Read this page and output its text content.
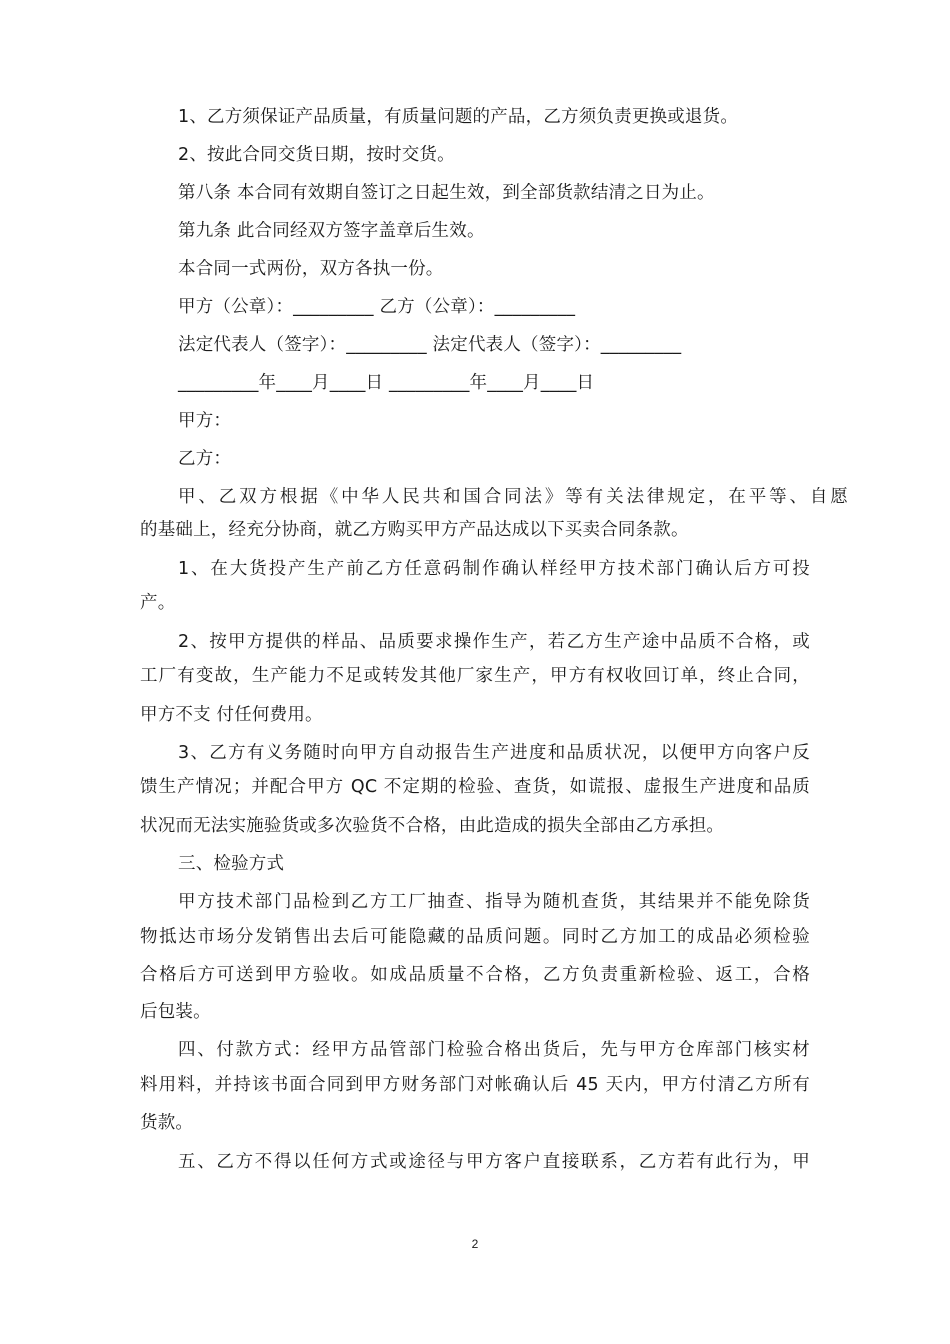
1、乙方须保证产品质量，有质量问题的产品，乙方须负责更换或退货。
2、按此合同交货日期，按时交货。
第八条 本合同有效期自签订之日起生效，到全部货款结清之日为止。
第九条 此合同经双方签字盖章后生效。
本合同一式两份，双方各执一份。
甲方（公章）：_________ 乙方（公章）：_________
法定代表人（签字）：_________ 法定代表人（签字）：_________
_________年____月____日 _________年____月____日
甲方：
乙方：
甲、乙双方根据《中华人民共和国合同法》等有关法律规定，在平等、自愿
的基础上，经充分协商，就乙方购买甲方产品达成以下买卖合同条款。
1、在大货投产生产前乙方任意码制作确认样经甲方技术部门确认后方可投
产。
2、按甲方提供的样品、品质要求操作生产，若乙方生产途中品质不合格，或
工厂有变故，生产能力不足或转发其他厂家生产，甲方有权收回订单，终止合同，
甲方不支 付任何费用。
3、乙方有义务随时向甲方自动报告生产进度和品质状况，以便甲方向客户反
馈生产情况；并配合甲方 QC 不定期的检验、查货，如谎报、虚报生产进度和品质
状况而无法实施验货或多次验货不合格，由此造成的损失全部由乙方承担。
三、检验方式
甲方技术部门品检到乙方工厂抽查、指导为随机查货，其结果并不能免除货
物抵达市场分发销售出去后可能隐藏的品质问题。同时乙方加工的成品必须检验
合格后方可送到甲方验收。如成品质量不合格，乙方负责重新检验、返工，合格
后包装。
四、付款方式：经甲方品管部门检验合格出货后，先与甲方仓库部门核实材
料用料，并持该书面合同到甲方财务部门对帐确认后 45 天内，甲方付清乙方所有
货款。
五、乙方不得以任何方式或途径与甲方客户直接联系，乙方若有此行为，甲
2
